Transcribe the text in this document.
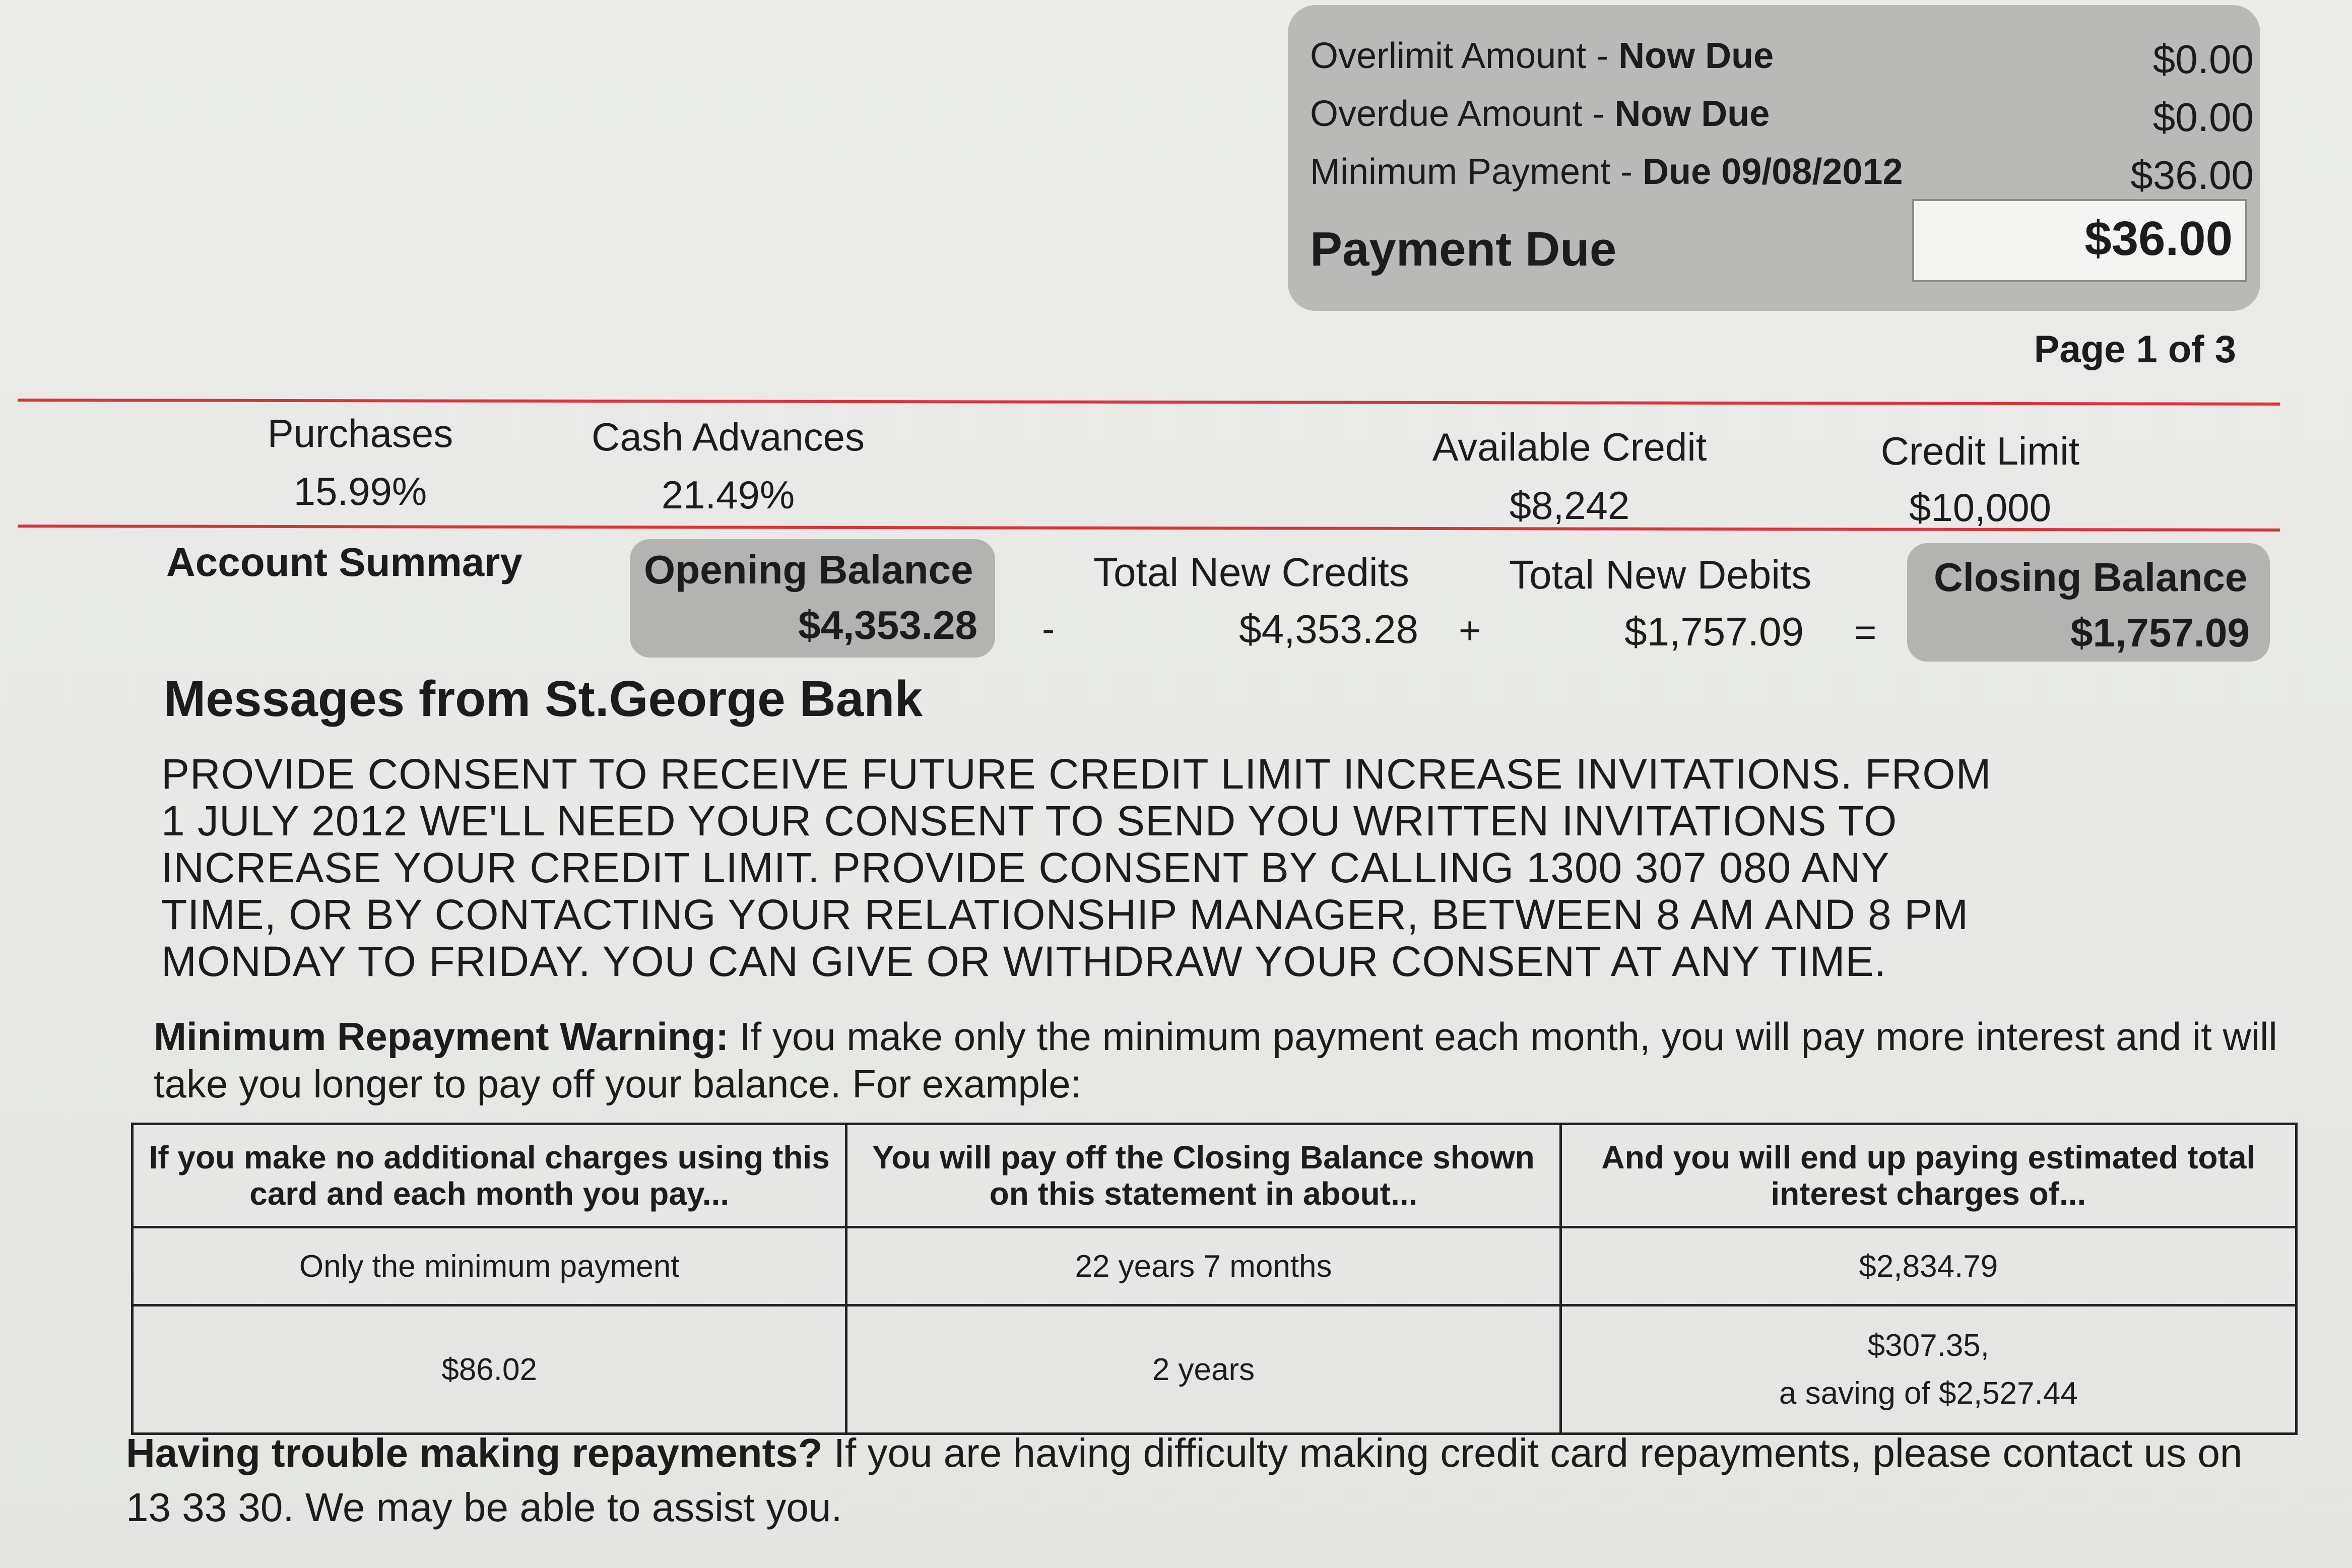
Overlimit Amount - Now Due	$0.00
Overdue Amount - Now Due	$0.00
Minimum Payment - Due 09/08/2012	$36.00
Payment Due	$36.00
Page 1 of 3
Purchases
15.99%
Cash Advances
21.49%
Available Credit
$8,242
Credit Limit
$10,000
Account Summary	Opening Balance
$4,353.28 -
Total New Credits
$4,353.28 +
Total New Debits
$1,757.09 =
Closing Balance
$1,757.09
Messages from St.George Bank
PROVIDE CONSENT TO RECEIVE FUTURE CREDIT LIMIT INCREASE INVITATIONS. FROM
1 JULY 2012 WE'LL NEED YOUR CONSENT TO SEND YOU WRITTEN INVITATIONS TO
INCREASE YOUR CREDIT LIMIT. PROVIDE CONSENT BY CALLING 1300 307 080 ANY
TIME, OR BY CONTACTING YOUR RELATIONSHIP MANAGER, BETWEEN 8 AM AND 8 PM
MONDAY TO FRIDAY. YOU CAN GIVE OR WITHDRAW YOUR CONSENT AT ANY TIME.
Minimum Repayment Warning: If you make only the minimum payment each month, you will pay more interest and it will take you longer to pay off your balance. For example:
If you make no additional charges using this card and each month you pay...	You will pay off the Closing Balance shown on this statement in about...	And you will end up paying estimated total interest charges of...
Only the minimum payment	22 years 7 months	$2,834.79
$86.02	2 years	$307.35,
a saving of $2,527.44
Having trouble making repayments? If you are having difficulty making credit card repayments, please contact us on 13 33 30. We may be able to assist you.
